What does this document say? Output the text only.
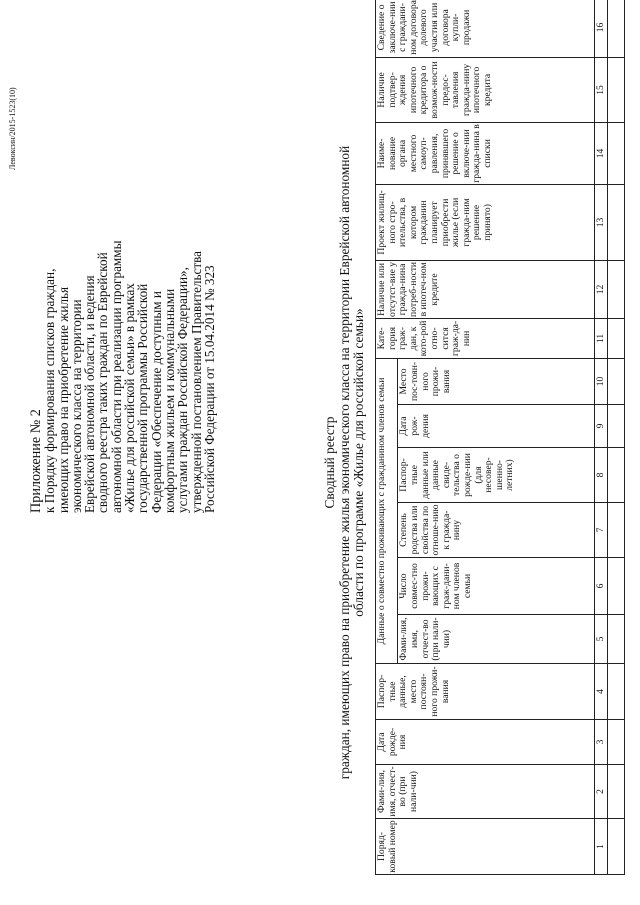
Левоксин/2015-1523(10)
Приложение № 2
к Порядку формирования списков граждан,
имеющих право на приобретение жилья
экономического класса на территории
Еврейской автономной области, и ведения
сводного реестра таких граждан по Еврейской
автономной области при реализации программы
«Жилье для российской семьи» в рамках
государственной программы Российской
Федерации «Обеспечение доступным и
комфортным жильем и коммунальными
услугами граждан Российской Федерации»,
утвержденной постановлением Правительства
Российской Федерации от 15.04.2014 № 323	Сводный реестр граждан, имеющих право на приобретение жилья экономического класса на территории Еврейской автономной области по программе «Жилье для российской семьи»
Поряд-ковый номер	Фами-лия, имя, отчест-во (при нали-чии)	Дата рожде-ния	Паспор-тные данные, место постоян-ного прожи-вания	Данные о совместно проживающих с гражданином членов семьи						Кате-гория граж-дан, к кото-рой отно-сится граж-да-нин	Наличие или отсутст-вие у гражда-нина потреб-ности в ипотеч-ном кредите	Проект жилищ-ного стро-ительства, в котором гражданин планирует приобрести жилье (если гражда-ним решение принято)	Наиме-нование органа местного самоуп-равления, принявшего решение о включе-нии гражда-нина в списки	Наличие подтвер-ждения ипотечного кредитора о возмож-ности предос-тавления гражда-нину ипотечного кредита	Сведение о заключе-нии с граждани-ном договора долевого участия или договора купли-продажи
				Фами-лия, имя, отчест-во (при нали-чии)	Число совмес-тно прожи-вающих с граж-дани-ном членов семьи	Степень родства или свойства по отноше-нию к гражда-нину	Паспор-тные данные или данные свиде-тельства о рожде-нии (для несовер-шенно-летних)	Дата рож-дения	Место пос-тоян-ного прожи-вания						
1	2	3	4	5	6	7	8	9	10	11	12	13	14	15	16
